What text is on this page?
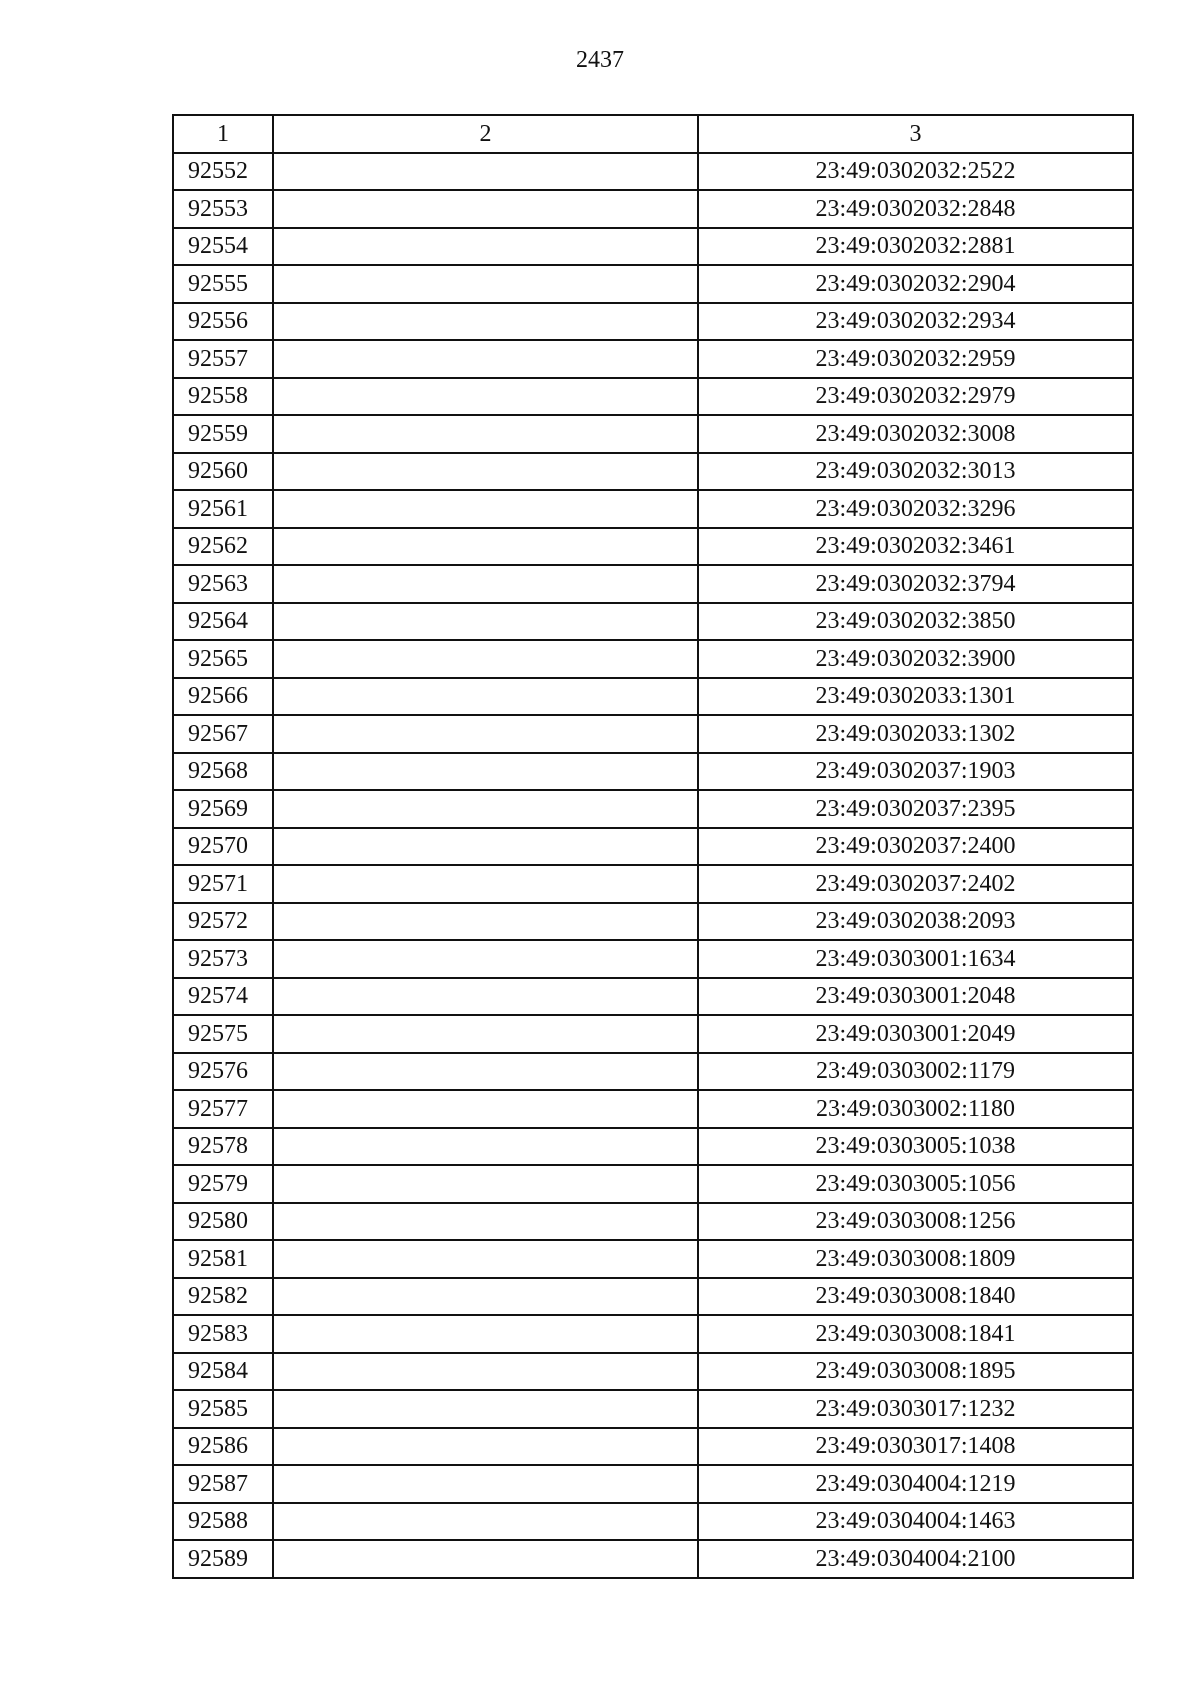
2437
1	2	3
92552		23:49:0302032:2522
92553		23:49:0302032:2848
92554		23:49:0302032:2881
92555		23:49:0302032:2904
92556		23:49:0302032:2934
92557		23:49:0302032:2959
92558		23:49:0302032:2979
92559		23:49:0302032:3008
92560		23:49:0302032:3013
92561		23:49:0302032:3296
92562		23:49:0302032:3461
92563		23:49:0302032:3794
92564		23:49:0302032:3850
92565		23:49:0302032:3900
92566		23:49:0302033:1301
92567		23:49:0302033:1302
92568		23:49:0302037:1903
92569		23:49:0302037:2395
92570		23:49:0302037:2400
92571		23:49:0302037:2402
92572		23:49:0302038:2093
92573		23:49:0303001:1634
92574		23:49:0303001:2048
92575		23:49:0303001:2049
92576		23:49:0303002:1179
92577		23:49:0303002:1180
92578		23:49:0303005:1038
92579		23:49:0303005:1056
92580		23:49:0303008:1256
92581		23:49:0303008:1809
92582		23:49:0303008:1840
92583		23:49:0303008:1841
92584		23:49:0303008:1895
92585		23:49:0303017:1232
92586		23:49:0303017:1408
92587		23:49:0304004:1219
92588		23:49:0304004:1463
92589		23:49:0304004:2100
